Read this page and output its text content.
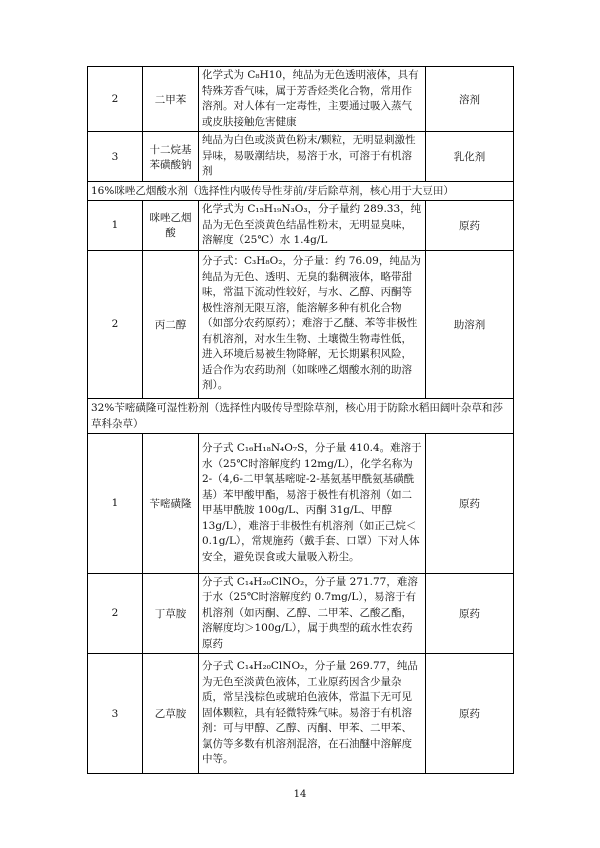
2	二甲苯	化学式为 C₈H10，纯品为无色透明液体，具有特殊芳香气味，属于芳香烃类化合物，常用作溶剂。对人体有一定毒性，主要通过吸入蒸气或皮肤接触危害健康	溶剂
3	十二烷基苯磺酸钠	纯品为白色或淡黄色粉末/颗粒，无明显刺激性异味，易吸潮结块，易溶于水，可溶于有机溶剂	乳化剂
16%咪唑乙烟酸水剂（选择性内吸传导性芽前/芽后除草剂，核心用于大豆田）			
1	咪唑乙烟酸	化学式为 C₁₅H₁₉N₃O₃，分子量约 289.33，纯品为无色至淡黄色结晶性粉末，无明显臭味，溶解度（25℃）水 1.4g/L	原药
2	丙二醇	分子式：C₃H₈O₂，分子量：约 76.09，纯品为纯品为无色、透明、无臭的黏稠液体，略带甜味，常温下流动性较好，与水、乙醇、丙酮等极性溶剂无限互溶，能溶解多种有机化合物（如部分农药原药）；难溶于乙醚、苯等非极性有机溶剂，对水生生物、土壤微生物毒性低，进入环境后易被生物降解，无长期累积风险，适合作为农药助剂（如咪唑乙烟酸水剂的助溶剂）。	助溶剂
32%苄嘧磺隆可湿性粉剂（选择性内吸传导型除草剂，核心用于防除水稻田阔叶杂草和莎草科杂草）			
1	苄嘧磺隆	分子式 C₁₆H₁₈N₄O₇S，分子量 410.4。难溶于水（25℃时溶解度约 12mg/L），化学名称为 2-（4,6-二甲氧基嘧啶-2-基氨基甲酰氨基磺酰基）苯甲酸甲酯，易溶于极性有机溶剂（如二甲基甲酰胺 100g/L、丙酮 31g/L、甲醇 13g/L），难溶于非极性有机溶剂（如正己烷＜0.1g/L），常规施药（戴手套、口罩）下对人体安全，避免误食或大量吸入粉尘。	原药
2	丁草胺	分子式 C₁₄H₂₀ClNO₂，分子量 271.77，难溶于水（25℃时溶解度约 0.7mg/L），易溶于有机溶剂（如丙酮、乙醇、二甲苯、乙酸乙酯，溶解度均＞100g/L），属于典型的疏水性农药原药	原药
3	乙草胺	分子式 C₁₄H₂₀ClNO₂，分子量 269.77，纯品为无色至淡黄色液体，工业原药因含少量杂质，常呈浅棕色或琥珀色液体，常温下无可见固体颗粒，具有轻微特殊气味。易溶于有机溶剂：可与甲醇、乙醇、丙酮、甲苯、二甲苯、氯仿等多数有机溶剂混溶，在石油醚中溶解度中等。	原药
14
